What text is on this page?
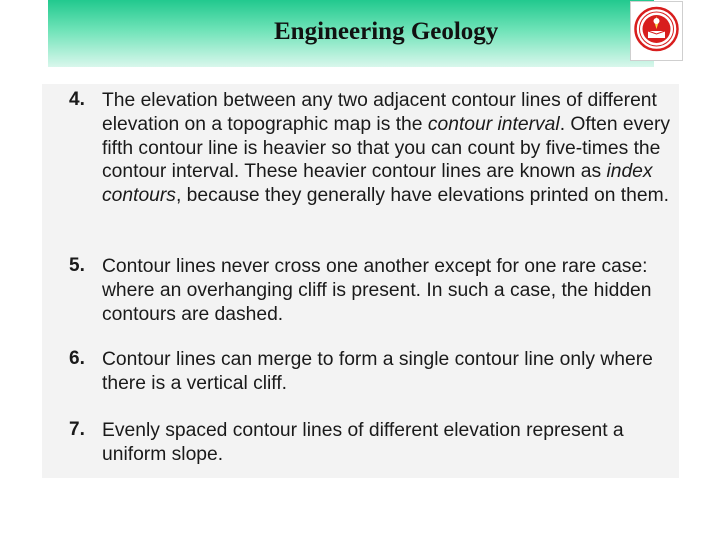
Engineering Geology
4. The elevation between any two adjacent contour lines of different elevation on a topographic map is the contour interval. Often every fifth contour line is heavier so that you can count by five-times the contour interval. These heavier contour lines are known as index contours, because they generally have elevations printed on them.
5. Contour lines never cross one another except for one rare case: where an overhanging cliff is present. In such a case, the hidden contours are dashed.
6. Contour lines can merge to form a single contour line only where there is a vertical cliff.
7. Evenly spaced contour lines of different elevation represent a uniform slope.
